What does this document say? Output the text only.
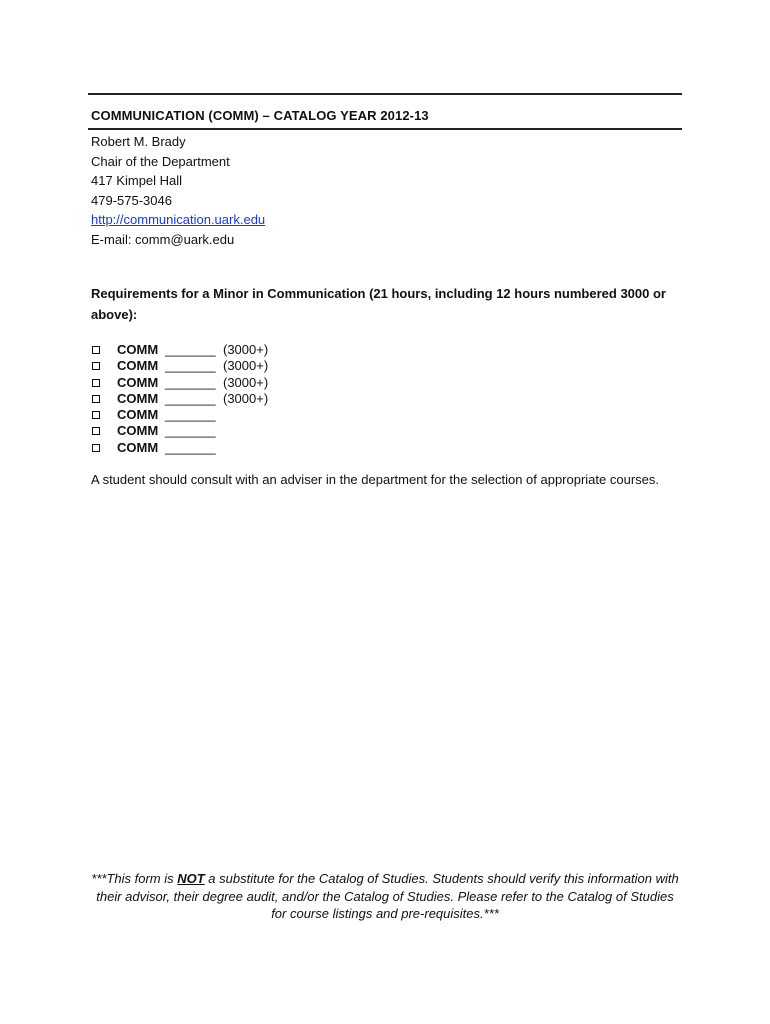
COMMUNICATION (COMM) – CATALOG YEAR 2012-13
Robert M. Brady
Chair of the Department
417 Kimpel Hall
479-575-3046
http://communication.uark.edu
E-mail: comm@uark.edu
Requirements for a Minor in Communication (21 hours, including 12 hours numbered 3000 or above):
COMM _______ (3000+)
COMM _______ (3000+)
COMM _______ (3000+)
COMM _______ (3000+)
COMM _______
COMM _______
COMM _______
A student should consult with an adviser in the department for the selection of appropriate courses.
***This form is NOT a substitute for the Catalog of Studies. Students should verify this information with their advisor, their degree audit, and/or the Catalog of Studies. Please refer to the Catalog of Studies for course listings and pre-requisites.***
